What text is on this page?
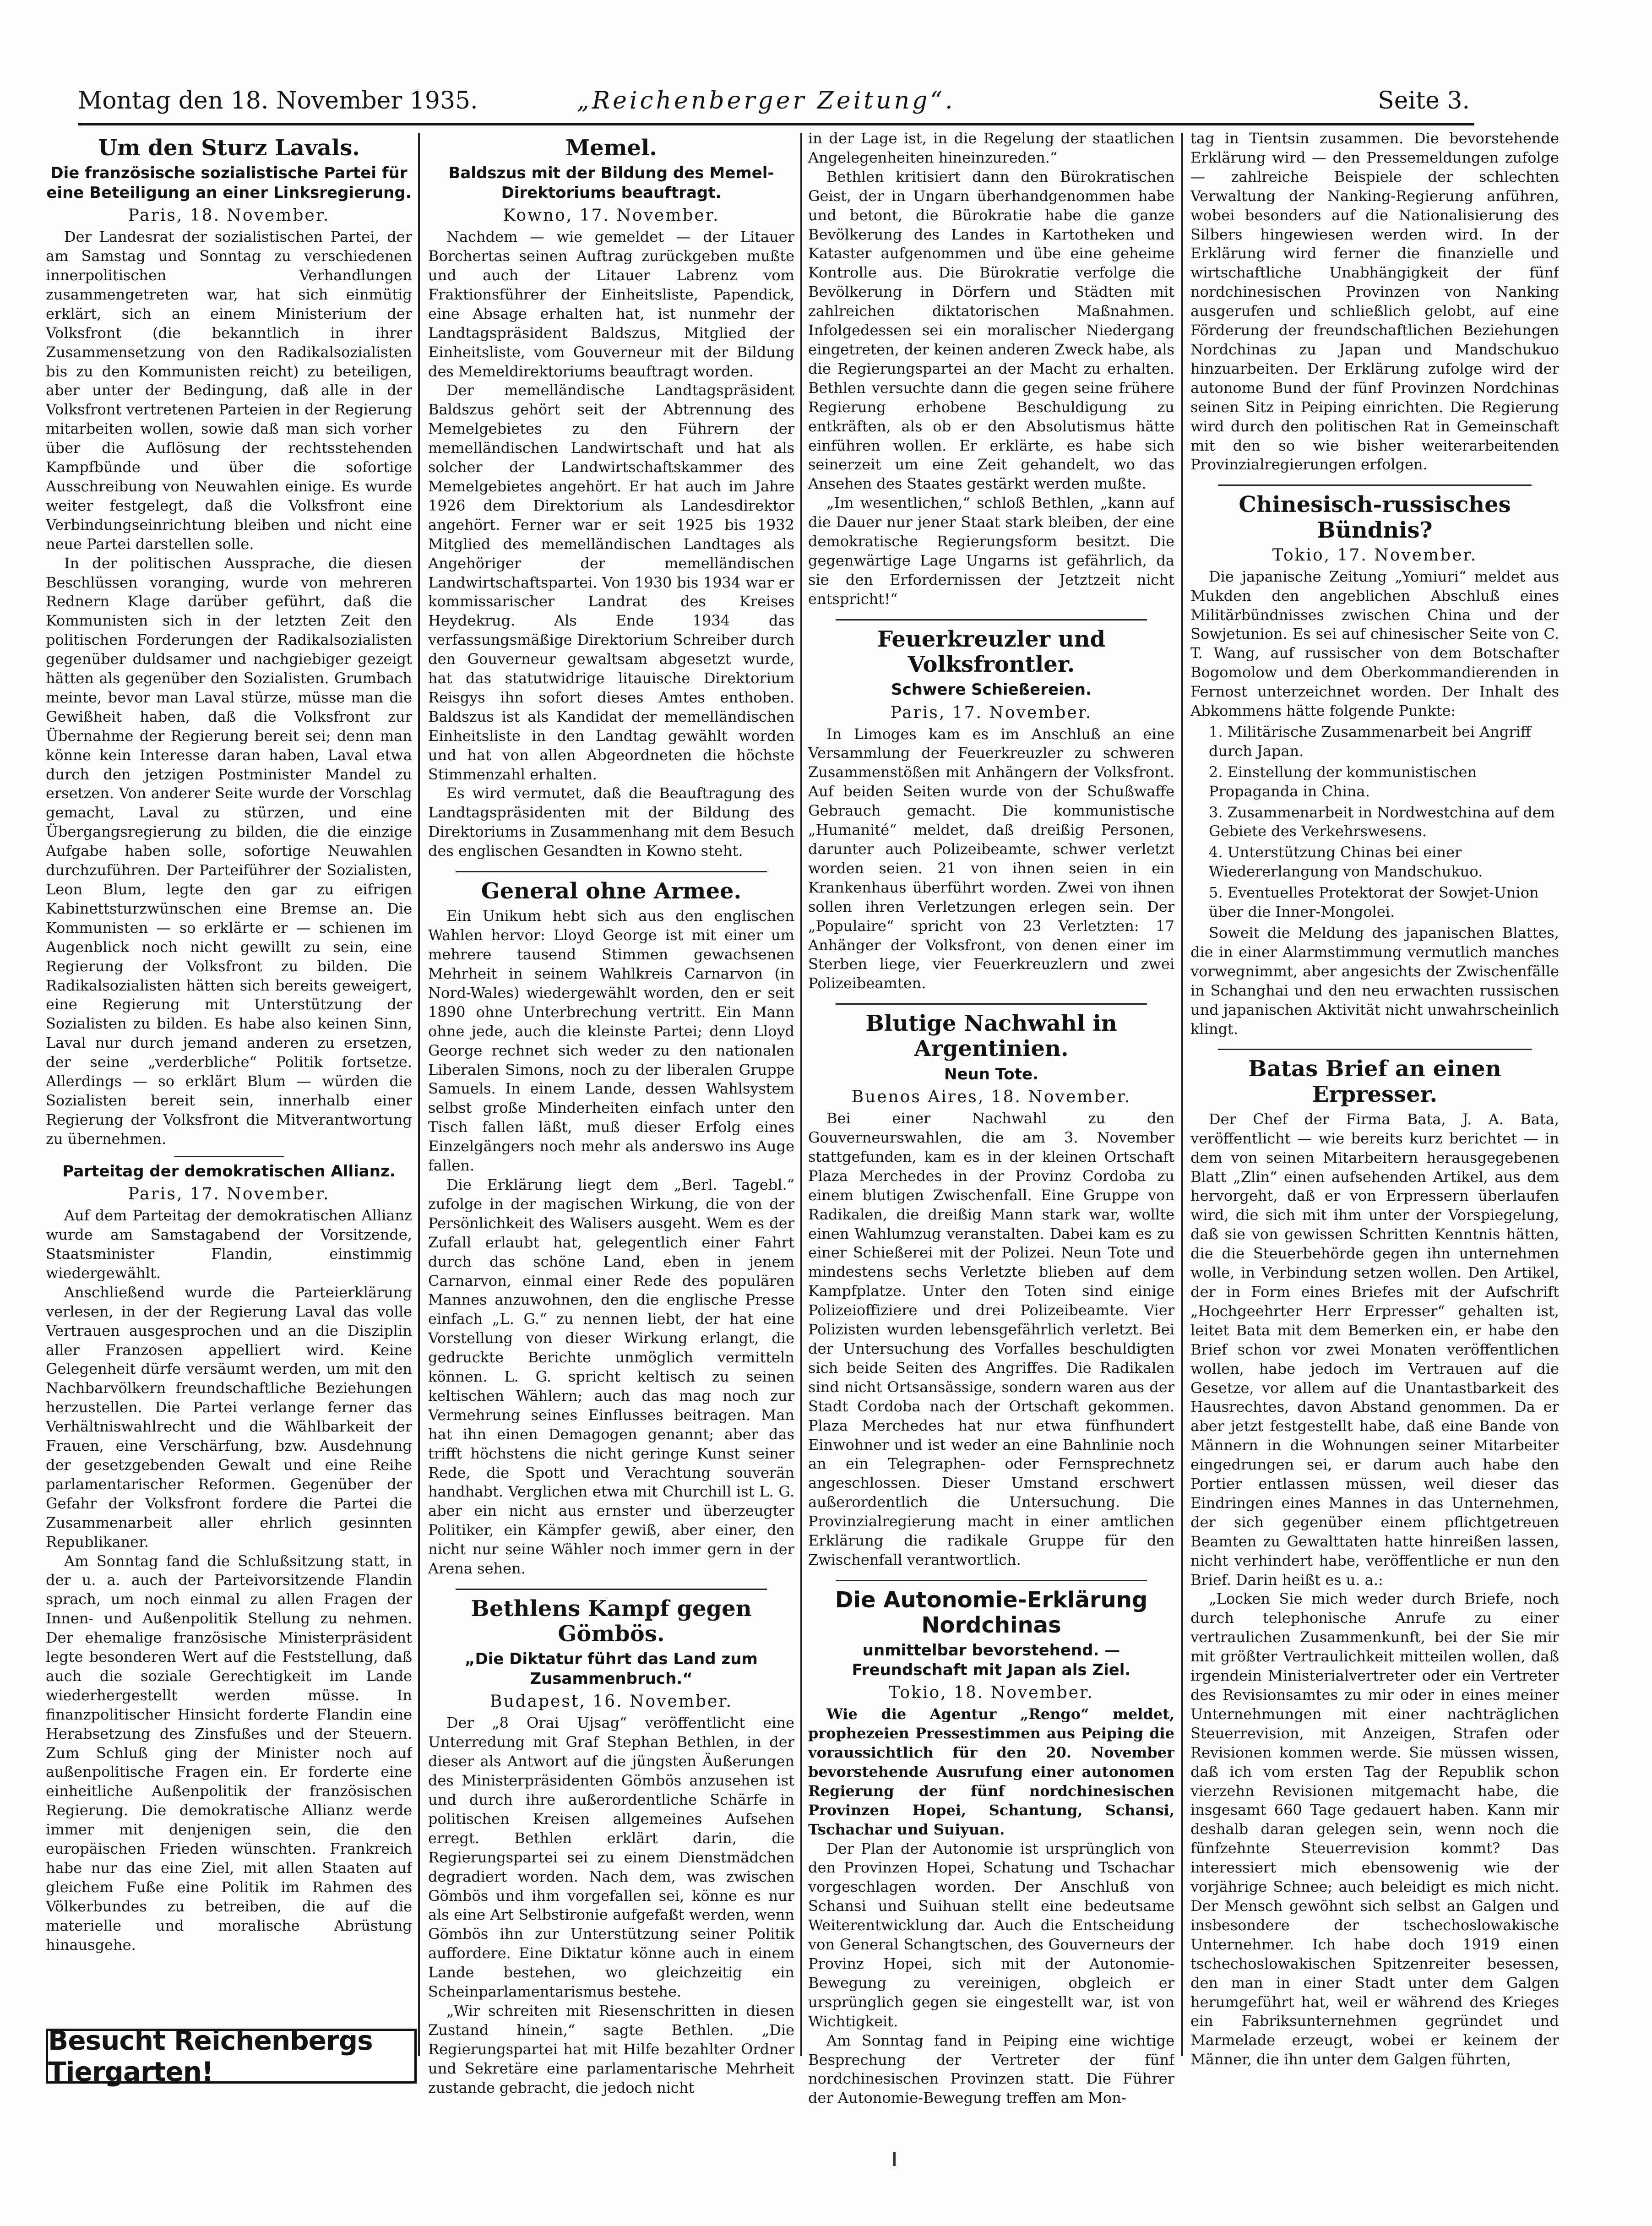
Montag den 18. November 1935.	„Reichenberger Zeitung“.	Seite 3.
Um den Sturz Lavals.
Die französische sozialistische Partei für eine Beteiligung an einer Linksregierung.
Paris, 18. November.

Der Landesrat der sozialistischen Partei, der am Samstag und Sonntag zu verschiedenen innerpolitischen Verhandlungen zusammengetreten war, hat sich einmütig erklärt, sich an einem Ministerium der Volksfront (die bekanntlich in ihrer Zusammensetzung von den Radikalsozialisten bis zu den Kommunisten reicht) zu beteiligen, aber unter der Bedingung, daß alle in der Volksfront vertretenen Parteien in der Regierung mitarbeiten wollen, sowie daß man sich vorher über die Auflösung der rechtsstehenden Kampfbünde und über die sofortige Ausschreibung von Neuwahlen einige. Es wurde weiter festgelegt, daß die Volksfront eine Verbindungseinrichtung bleiben und nicht eine neue Partei darstellen solle.

In der politischen Aussprache, die diesen Beschlüssen voranging, wurde von mehreren Rednern Klage darüber geführt, daß die Kommunisten sich in der letzten Zeit den politischen Forderungen der Radikalsozialisten gegenüber duldsamer und nachgiebiger gezeigt hätten als gegenüber den Sozialisten. Grumbach meinte, bevor man Laval stürze, müsse man die Gewißheit haben, daß die Volksfront zur Übernahme der Regierung bereit sei; denn man könne kein Interesse daran haben, Laval etwa durch den jetzigen Postminister Mandel zu ersetzen. Von anderer Seite wurde der Vorschlag gemacht, Laval zu stürzen, und eine Übergangsregierung zu bilden, die die einzige Aufgabe haben solle, sofortige Neuwahlen durchzuführen. Der Parteiführer der Sozialisten, Leon Blum, legte den gar zu eifrigen Kabinettsturzwünschen eine Bremse an. Die Kommunisten — so erklärte er — schienen im Augenblick noch nicht gewillt zu sein, eine Regierung der Volksfront zu bilden. Die Radikalsozialisten hätten sich bereits geweigert, eine Regierung mit Unterstützung der Sozialisten zu bilden. Es habe also keinen Sinn, Laval nur durch jemand anderen zu ersetzen, der seine „verderbliche“ Politik fortsetze. Allerdings — so erklärt Blum — würden die Sozialisten bereit sein, innerhalb einer Regierung der Volksfront die Mitverantwortung zu übernehmen.

Parteitag der demokratischen Allianz.
Paris, 17. November.

Auf dem Parteitag der demokratischen Allianz wurde am Samstagabend der Vorsitzende, Staatsminister Flandin, einstimmig wiedergewählt.

Anschließend wurde die Parteierklärung verlesen, in der der Regierung Laval das volle Vertrauen ausgesprochen und an die Disziplin aller Franzosen appelliert wird. Keine Gelegenheit dürfe versäumt werden, um mit den Nachbarvölkern freundschaftliche Beziehungen herzustellen. Die Partei verlange ferner das Verhältniswahlrecht und die Wählbarkeit der Frauen, eine Verschärfung, bzw. Ausdehnung der gesetzgebenden Gewalt und eine Reihe parlamentarischer Reformen. Gegenüber der Gefahr der Volksfront fordere die Partei die Zusammenarbeit aller ehrlich gesinnten Republikaner.

Am Sonntag fand die Schlußsitzung statt, in der u. a. auch der Parteivorsitzende Flandin sprach, um noch einmal zu allen Fragen der Innen- und Außenpolitik Stellung zu nehmen. Der ehemalige französische Ministerpräsident legte besonderen Wert auf die Feststellung, daß auch die soziale Gerechtigkeit im Lande wiederhergestellt werden müsse. In finanzpolitischer Hinsicht forderte Flandin eine Herabsetzung des Zinsfußes und der Steuern. Zum Schluß ging der Minister noch auf außenpolitische Fragen ein. Er forderte eine einheitliche Außenpolitik der französischen Regierung. Die demokratische Allianz werde immer mit denjenigen sein, die den europäischen Frieden wünschten. Frankreich habe nur das eine Ziel, mit allen Staaten auf gleichem Fuße eine Politik im Rahmen des Völkerbundes zu betreiben, die auf die materielle und moralische Abrüstung hinausgehe.

Besucht Reichenbergs Tiergarten!
Memel.
Baldszus mit der Bildung des Memel-Direktoriums beauftragt.
Kowno, 17. November.

Nachdem — wie gemeldet — der Litauer Borchertas seinen Auftrag zurückgeben mußte und auch der Litauer Labrenz vom Fraktionsführer der Einheitsliste, Papendick, eine Absage erhalten hat, ist nunmehr der Landtagspräsident Baldszus, Mitglied der Einheitsliste, vom Gouverneur mit der Bildung des Memeldirektoriums beauftragt worden.

Der memelländische Landtagspräsident Baldszus gehört seit der Abtrennung des Memelgebietes zu den Führern der memelländischen Landwirtschaft und hat als solcher der Landwirtschaftskammer des Memelgebietes angehört. Er hat auch im Jahre 1926 dem Direktorium als Landesdirektor angehört. Ferner war er seit 1925 bis 1932 Mitglied des memelländischen Landtages als Angehöriger der memelländischen Landwirtschaftspartei. Von 1930 bis 1934 war er kommissarischer Landrat des Kreises Heydekrug. Als Ende 1934 das verfassungsmäßige Direktorium Schreiber durch den Gouverneur gewaltsam abgesetzt wurde, hat das statutwidrige litauische Direktorium Reisgys ihn sofort dieses Amtes enthoben. Baldszus ist als Kandidat der memelländischen Einheitsliste in den Landtag gewählt worden und hat von allen Abgeordneten die höchste Stimmenzahl erhalten.

Es wird vermutet, daß die Beauftragung des Landtagspräsidenten mit der Bildung des Direktoriums in Zusammenhang mit dem Besuch des englischen Gesandten in Kowno steht.

General ohne Armee.

Ein Unikum hebt sich aus den englischen Wahlen hervor: Lloyd George ist mit einer um mehrere tausend Stimmen gewachsenen Mehrheit in seinem Wahlkreis Carnarvon (in Nord-Wales) wiedergewählt worden, den er seit 1890 ohne Unterbrechung vertritt. Ein Mann ohne jede, auch die kleinste Partei; denn Lloyd George rechnet sich weder zu den nationalen Liberalen Simons, noch zu der liberalen Gruppe Samuels. In einem Lande, dessen Wahlsystem selbst große Minderheiten einfach unter den Tisch fallen läßt, muß dieser Erfolg eines Einzelgängers noch mehr als anderswo ins Auge fallen.

Die Erklärung liegt dem „Berl. Tagebl.“ zufolge in der magischen Wirkung, die von der Persönlichkeit des Walisers ausgeht. Wem es der Zufall erlaubt hat, gelegentlich einer Fahrt durch das schöne Land, eben in jenem Carnarvon, einmal einer Rede des populären Mannes anzuwohnen, den die englische Presse einfach „L. G.“ zu nennen liebt, der hat eine Vorstellung von dieser Wirkung erlangt, die gedruckte Berichte unmöglich vermitteln können. L. G. spricht keltisch zu seinen keltischen Wählern; auch das mag noch zur Vermehrung seines Einflusses beitragen. Man hat ihn einen Demagogen genannt; aber das trifft höchstens die nicht geringe Kunst seiner Rede, die Spott und Verachtung souverän handhabt. Verglichen etwa mit Churchill ist L. G. aber ein nicht aus ernster und überzeugter Politiker, ein Kämpfer gewiß, aber einer, den nicht nur seine Wähler noch immer gern in der Arena sehen.

Bethlens Kampf gegen Gömbös.
„Die Diktatur führt das Land zum Zusammenbruch.“
Budapest, 16. November.

Der „8 Orai Ujsag“ veröffentlicht eine Unterredung mit Graf Stephan Bethlen, in der dieser als Antwort auf die jüngsten Äußerungen des Ministerpräsidenten Gömbös anzusehen ist und durch ihre außerordentliche Schärfe in politischen Kreisen allgemeines Aufsehen erregt. Bethlen erklärt darin, die Regierungspartei sei zu einem Dienstmädchen degradiert worden. Nach dem, was zwischen Gömbös und ihm vorgefallen sei, könne es nur als eine Art Selbstironie aufgefaßt werden, wenn Gömbös ihn zur Unterstützung seiner Politik auffordere. Eine Diktatur könne auch in einem Lande bestehen, wo gleichzeitig ein Scheinparlamentarismus bestehe.

„Wir schreiten mit Riesenschritten in diesen Zustand hinein,“ sagte Bethlen. „Die Regierungspartei hat mit Hilfe bezahlter Ordner und Sekretäre eine parlamentarische Mehrheit zustande gebracht, die jedoch nicht

in der Lage ist, in die Regelung der staatlichen Angelegenheiten hineinzureden.“

Bethlen kritisiert dann den Bürokratischen Geist, der in Ungarn überhandgenommen habe und betont, die Bürokratie habe die ganze Bevölkerung des Landes in Kartotheken und Kataster aufgenommen und übe eine geheime Kontrolle aus. Die Bürokratie verfolge die Bevölkerung in Dörfern und Städten mit zahlreichen diktatorischen Maßnahmen. Infolgedessen sei ein moralischer Niedergang eingetreten, der keinen anderen Zweck habe, als die Regierungspartei an der Macht zu erhalten. Bethlen versuchte dann die gegen seine frühere Regierung erhobene Beschuldigung zu entkräften, als ob er den Absolutismus hätte einführen wollen. Er erklärte, es habe sich seinerzeit um eine Zeit gehandelt, wo das Ansehen des Staates gestärkt werden mußte.

„Im wesentlichen,“ schloß Bethlen, „kann auf die Dauer nur jener Staat stark bleiben, der eine demokratische Regierungsform besitzt. Die gegenwärtige Lage Ungarns ist gefährlich, da sie den Erfordernissen der Jetztzeit nicht entspricht!“

Feuerkreuzler und Volksfrontler.
Schwere Schießereien.
Paris, 17. November.

In Limoges kam es im Anschluß an eine Versammlung der Feuerkreuzler zu schweren Zusammenstößen mit Anhängern der Volksfront. Auf beiden Seiten wurde von der Schußwaffe Gebrauch gemacht. Die kommunistische „Humanité“ meldet, daß dreißig Personen, darunter auch Polizeibeamte, schwer verletzt worden seien. 21 von ihnen seien in ein Krankenhaus überführt worden. Zwei von ihnen sollen ihren Verletzungen erlegen sein. Der „Populaire“ spricht von 23 Verletzten: 17 Anhänger der Volksfront, von denen einer im Sterben liege, vier Feuerkreuzlern und zwei Polizeibeamten.

Blutige Nachwahl in Argentinien.
Neun Tote.
Buenos Aires, 18. November.

Bei einer Nachwahl zu den Gouverneurswahlen, die am 3. November stattgefunden, kam es in der kleinen Ortschaft Plaza Merchedes in der Provinz Cordoba zu einem blutigen Zwischenfall. Eine Gruppe von Radikalen, die dreißig Mann stark war, wollte einen Wahlumzug veranstalten. Dabei kam es zu einer Schießerei mit der Polizei. Neun Tote und mindestens sechs Verletzte blieben auf dem Kampfplatze. Unter den Toten sind einige Polizeioffiziere und drei Polizeibeamte. Vier Polizisten wurden lebensgefährlich verletzt. Bei der Untersuchung des Vorfalles beschuldigten sich beide Seiten des Angriffes. Die Radikalen sind nicht Ortsansässige, sondern waren aus der Stadt Cordoba nach der Ortschaft gekommen. Plaza Merchedes hat nur etwa fünfhundert Einwohner und ist weder an eine Bahnlinie noch an ein Telegraphen- oder Fernsprechnetz angeschlossen. Dieser Umstand erschwert außerordentlich die Untersuchung. Die Provinzialregierung macht in einer amtlichen Erklärung die radikale Gruppe für den Zwischenfall verantwortlich.

Die Autonomie-Erklärung Nordchinas
unmittelbar bevorstehend. — Freundschaft mit Japan als Ziel.
Tokio, 18. November.

Wie die Agentur „Rengo“ meldet, prophezeien Pressestimmen aus Peiping die voraussichtlich für den 20. November bevorstehende Ausrufung einer autonomen Regierung der fünf nordchinesischen Provinzen Hopei, Schantung, Schansi, Tschachar und Suiyuan.

Der Plan der Autonomie ist ursprünglich von den Provinzen Hopei, Schatung und Tschachar vorgeschlagen worden. Der Anschluß von Schansi und Suihuan stellt eine bedeutsame Weiterentwicklung dar. Auch die Entscheidung von General Schangtschen, des Gouverneurs der Provinz Hopei, sich mit der Autonomie-Bewegung zu vereinigen, obgleich er ursprünglich gegen sie eingestellt war, ist von Wichtigkeit.

Am Sonntag fand in Peiping eine wichtige Besprechung der Vertreter der fünf nordchinesischen Provinzen statt. Die Führer der Autonomie-Bewegung treffen am Mon-

tag in Tientsin zusammen. Die bevorstehende Erklärung wird — den Pressemeldungen zufolge — zahlreiche Beispiele der schlechten Verwaltung der Nanking-Regierung anführen, wobei besonders auf die Nationalisierung des Silbers hingewiesen werden wird. In der Erklärung wird ferner die finanzielle und wirtschaftliche Unabhängigkeit der fünf nordchinesischen Provinzen von Nanking ausgerufen und schließlich gelobt, auf eine Förderung der freundschaftlichen Beziehungen Nordchinas zu Japan und Mandschukuo hinzuarbeiten. Der Erklärung zufolge wird der autonome Bund der fünf Provinzen Nordchinas seinen Sitz in Peiping einrichten. Die Regierung wird durch den politischen Rat in Gemeinschaft mit den so wie bisher weiterarbeitenden Provinzialregierungen erfolgen.

Chinesisch-russisches Bündnis?
Tokio, 17. November.

Die japanische Zeitung „Yomiuri“ meldet aus Mukden den angeblichen Abschluß eines Militärbündnisses zwischen China und der Sowjetunion. Es sei auf chinesischer Seite von C. T. Wang, auf russischer von dem Botschafter Bogomolow und dem Oberkommandierenden in Fernost unterzeichnet worden. Der Inhalt des Abkommens hätte folgende Punkte:

1. Militärische Zusammenarbeit bei Angriff durch Japan.
2. Einstellung der kommunistischen Propaganda in China.
3. Zusammenarbeit in Nordwestchina auf dem Gebiete des Verkehrswesens.
4. Unterstützung Chinas bei einer Wiedererlangung von Mandschukuo.
5. Eventuelles Protektorat der Sowjet-Union über die Inner-Mongolei.

Soweit die Meldung des japanischen Blattes, die in einer Alarmstimmung vermutlich manches vorwegnimmt, aber angesichts der Zwischenfälle in Schanghai und den neu erwachten russischen und japanischen Aktivität nicht unwahrscheinlich klingt.

Batas Brief an einen Erpresser.

Der Chef der Firma Bata, J. A. Bata, veröffentlicht — wie bereits kurz berichtet — in dem von seinen Mitarbeitern herausgegebenen Blatt „Zlin“ einen aufsehenden Artikel, aus dem hervorgeht, daß er von Erpressern überlaufen wird, die sich mit ihm unter der Vorspiegelung, daß sie von gewissen Schritten Kenntnis hätten, die die Steuerbehörde gegen ihn unternehmen wolle, in Verbindung setzen wollen. Den Artikel, der in Form eines Briefes mit der Aufschrift „Hochgeehrter Herr Erpresser“ gehalten ist, leitet Bata mit dem Bemerken ein, er habe den Brief schon vor zwei Monaten veröffentlichen wollen, habe jedoch im Vertrauen auf die Gesetze, vor allem auf die Unantastbarkeit des Hausrechtes, davon Abstand genommen. Da er aber jetzt festgestellt habe, daß eine Bande von Männern in die Wohnungen seiner Mitarbeiter eingedrungen sei, er darum auch habe den Portier entlassen müssen, weil dieser das Eindringen eines Mannes in das Unternehmen, der sich gegenüber einem pflichtgetreuen Beamten zu Gewalttaten hatte hinreißen lassen, nicht verhindert habe, veröffentliche er nun den Brief. Darin heißt es u. a.:

„Locken Sie mich weder durch Briefe, noch durch telephonische Anrufe zu einer vertraulichen Zusammenkunft, bei der Sie mir mit größter Vertraulichkeit mitteilen wollen, daß irgendein Ministerialvertreter oder ein Vertreter des Revisionsamtes zu mir oder in eines meiner Unternehmungen mit einer nachträglichen Steuerrevision, mit Anzeigen, Strafen oder Revisionen kommen werde. Sie müssen wissen, daß ich vom ersten Tag der Republik schon vierzehn Revisionen mitgemacht habe, die insgesamt 660 Tage gedauert haben. Kann mir deshalb daran gelegen sein, wenn noch die fünfzehnte Steuerrevision kommt? Das interessiert mich ebensowenig wie der vorjährige Schnee; auch beleidigt es mich nicht. Der Mensch gewöhnt sich selbst an Galgen und insbesondere der tschechoslowakische Unternehmer. Ich habe doch 1919 einen tschechoslowakischen Spitzenreiter besessen, den man in einer Stadt unter dem Galgen herumgeführt hat, weil er während des Krieges ein Fabriksunternehmen gegründet und Marmelade erzeugt, wobei er keinem der Männer, die ihn unter dem Galgen führten,
